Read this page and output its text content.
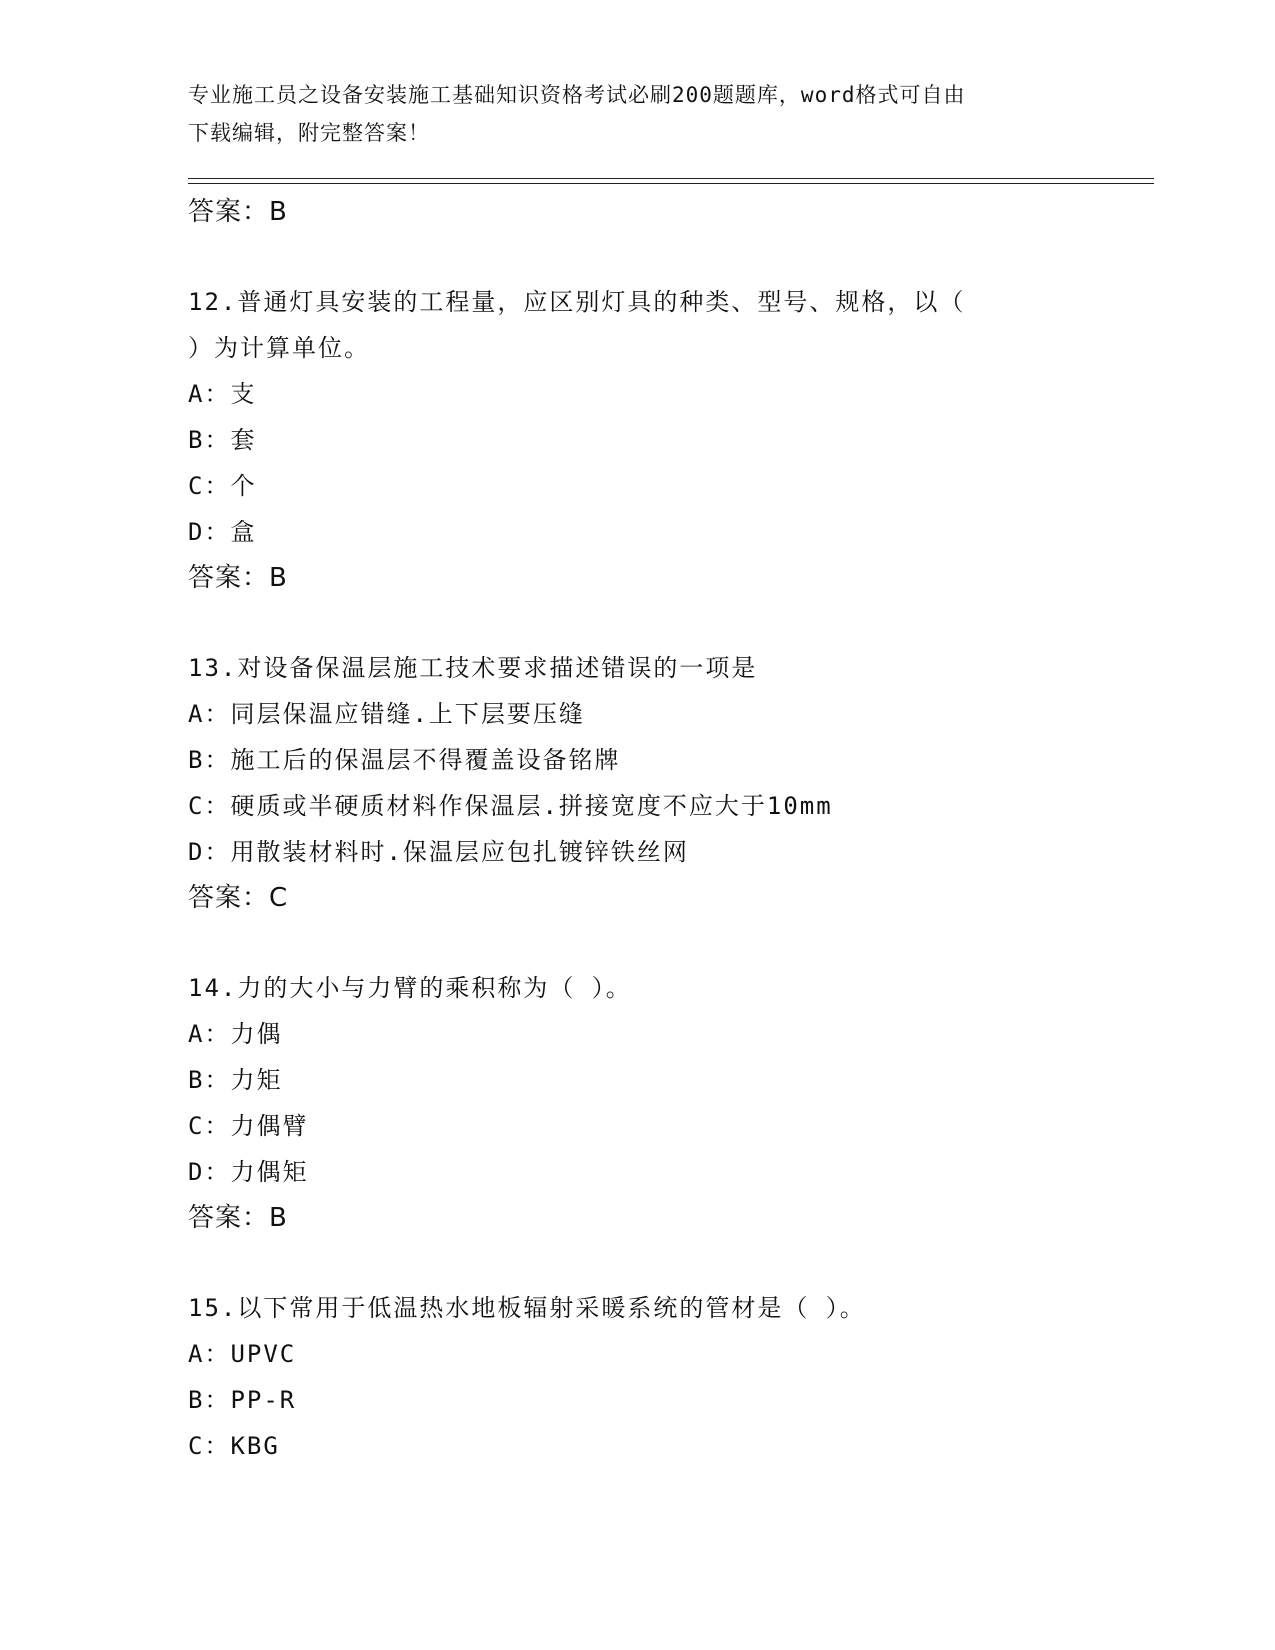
专业施工员之设备安装施工基础知识资格考试必刷200题题库，word格式可自由
下载编辑，附完整答案！
答案：B
12.普通灯具安装的工程量，应区别灯具的种类、型号、规格，以（
）为计算单位。
A：支
B：套
C：个
D：盒
答案：B
13.对设备保温层施工技术要求描述错误的一项是
A：同层保温应错缝.上下层要压缝
B：施工后的保温层不得覆盖设备铭牌
C：硬质或半硬质材料作保温层.拼接宽度不应大于10mm
D：用散装材料时.保温层应包扎镀锌铁丝网
答案：C
14.力的大小与力臂的乘积称为（ ）。
A：力偶
B：力矩
C：力偶臂
D：力偶矩
答案：B
15.以下常用于低温热水地板辐射采暖系统的管材是（ ）。
A：UPVC
B：PP-R
C：KBG
